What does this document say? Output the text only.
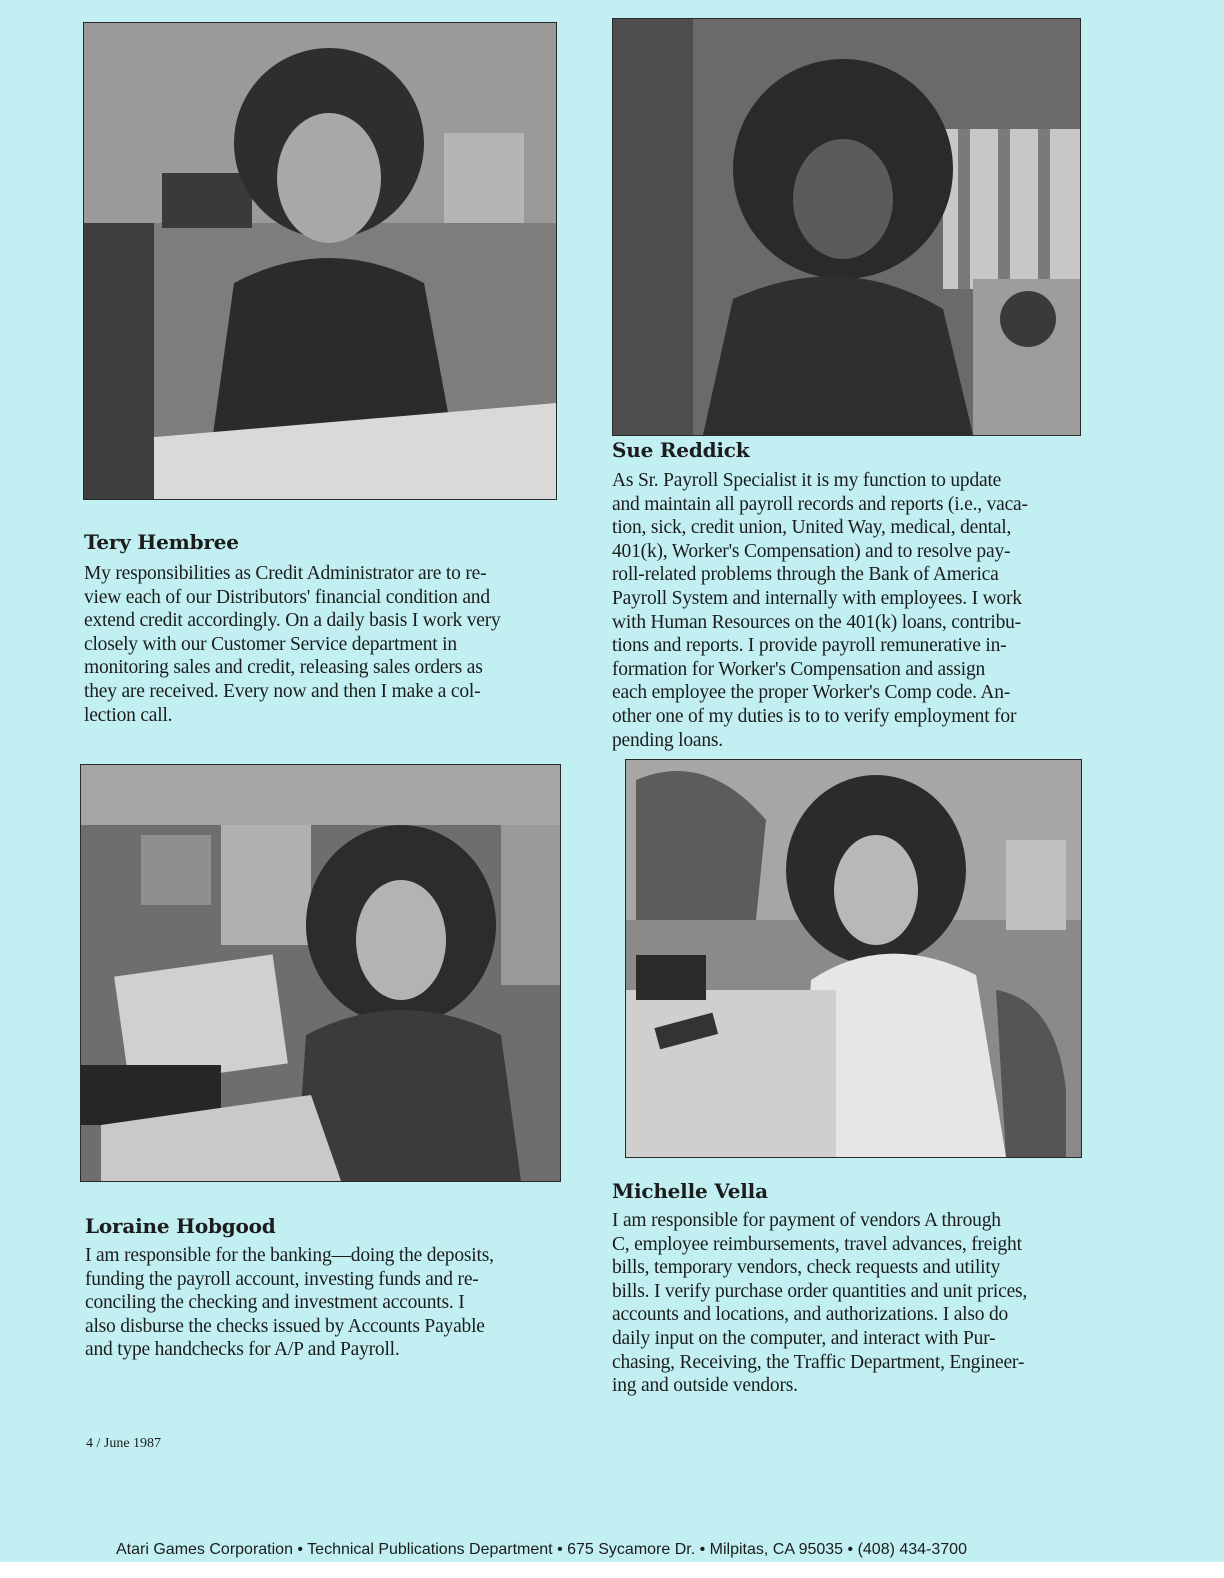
Tery Hembree
Sue Reddick
Loraine Hobgood
Michelle Vella

My responsibilities as Credit Administrator are to re-
view each of our Distributors' financial condition and
extend credit accordingly. On a daily basis I work very
closely with our Customer Service department in
monitoring sales and credit, releasing sales orders as
they are received. Every now and then I make a col-
lection call.

As Sr. Payroll Specialist it is my function to update
and maintain all payroll records and reports (i.e., vaca-
tion, sick, credit union, United Way, medical, dental,
401(k), Worker's Compensation) and to resolve pay-
roll-related problems through the Bank of America
Payroll System and internally with employees. I work
with Human Resources on the 401(k) loans, contribu-
tions and reports. I provide payroll remunerative in-
formation for Worker's Compensation and assign
each employee the proper Worker's Comp code. An-
other one of my duties is to to verify employment for
pending loans.

I am responsible for the banking—doing the deposits,
funding the payroll account, investing funds and re-
conciling the checking and investment accounts. I
also disburse the checks issued by Accounts Payable
and type handchecks for A/P and Payroll.

I am responsible for payment of vendors A through
C, employee reimbursements, travel advances, freight
bills, temporary vendors, check requests and utility
bills. I verify purchase order quantities and unit prices,
accounts and locations, and authorizations. I also do
daily input on the computer, and interact with Pur-
chasing, Receiving, the Traffic Department, Engineer-
ing and outside vendors.

4 / June 1987

Atari Games Corporation • Technical Publications Department • 675 Sycamore Dr. • Milpitas, CA 95035 • (408) 434-3700
